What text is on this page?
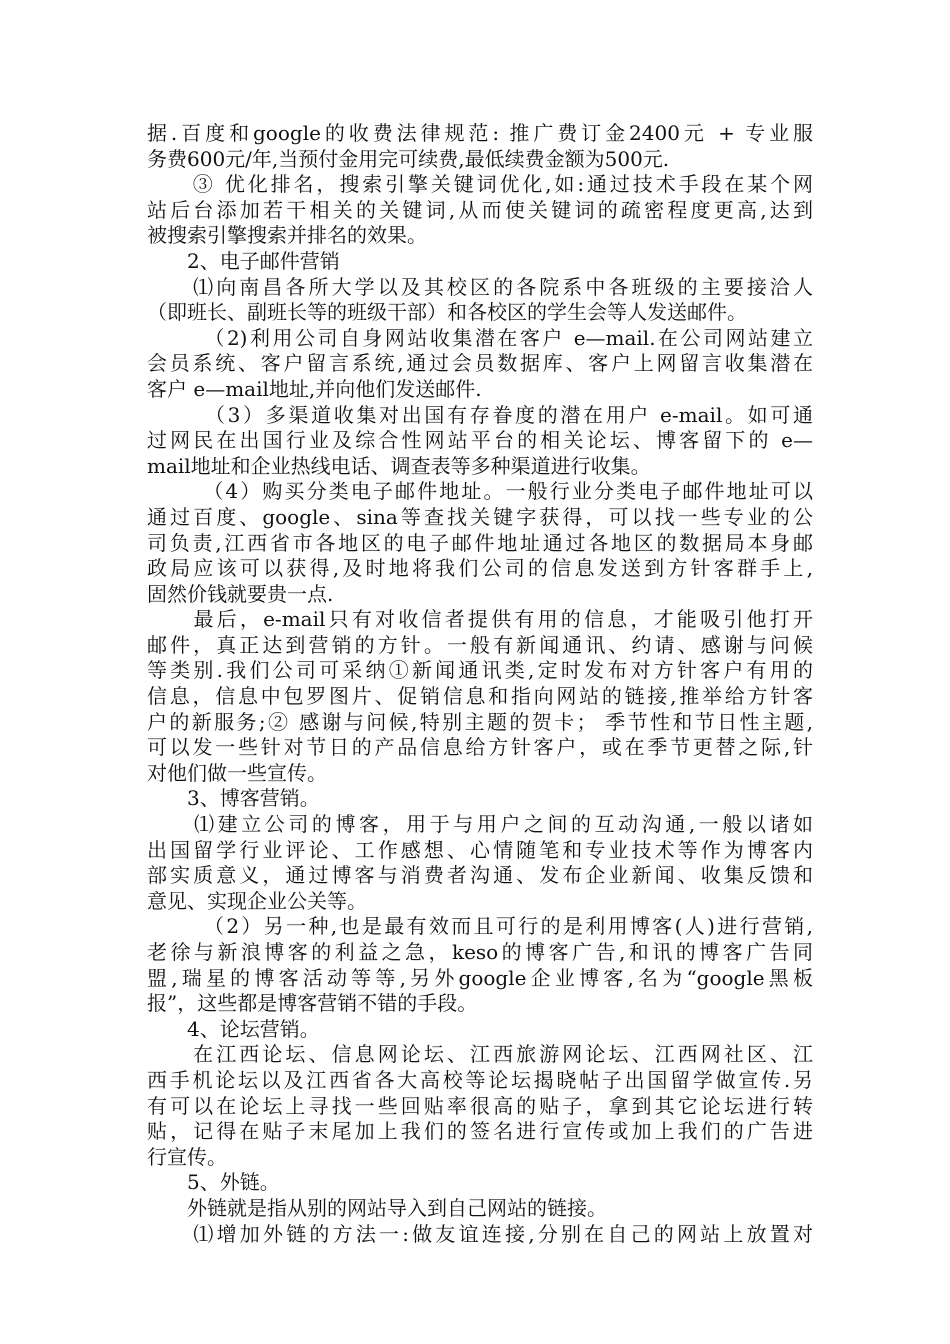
据.百度和google的收费法律规范: 推广费订金2400元 + 专业服
务费600元/年,当预付金用完可续费,最低续费金额为500元.
　　③ 优化排名，搜索引擎关键词优化,如:通过技术手段在某个网
站后台添加若干相关的关键词,从而使关键词的疏密程度更高,达到
被搜索引擎搜索并排名的效果。
　　2、电子邮件营销
　　⑴向南昌各所大学以及其校区的各院系中各班级的主要接洽人
（即班长、副班长等的班级干部）和各校区的学生会等人发送邮件。
　　　（2)利用公司自身网站收集潜在客户 e—mail.在公司网站建立
会员系统、客户留言系统,通过会员数据库、客户上网留言收集潜在
客户 e—mail地址,并向他们发送邮件.
　　　（3）多渠道收集对出国有存眷度的潜在用户 e-mail。如可通
过网民在出国行业及综合性网站平台的相关论坛、博客留下的 e—
mail地址和企业热线电话、调查表等多种渠道进行收集。
　　　（4）购买分类电子邮件地址。一般行业分类电子邮件地址可以
通过百度、google、sina等查找关键字获得，可以找一些专业的公
司负责,江西省市各地区的电子邮件地址通过各地区的数据局本身邮
政局应该可以获得,及时地将我们公司的信息发送到方针客群手上,
固然价钱就要贵一点.
　　最后，e-mail只有对收信者提供有用的信息，才能吸引他打开
邮件，真正达到营销的方针。一般有新闻通讯、约请、感谢与问候
等类别.我们公司可采纳①新闻通讯类,定时发布对方针客户有用的
信息，信息中包罗图片、促销信息和指向网站的链接,推举给方针客
户的新服务;② 感谢与问候,特别主题的贺卡； 季节性和节日性主题,
可以发一些针对节日的产品信息给方针客户，或在季节更替之际,针
对他们做一些宣传。
　　3、博客营销。
　　⑴建立公司的博客，用于与用户之间的互动沟通,一般以诸如
出国留学行业评论、工作感想、心情随笔和专业技术等作为博客内
部实质意义，通过博客与消费者沟通、发布企业新闻、收集反馈和
意见、实现企业公关等。
　　　（2）另一种,也是最有效而且可行的是利用博客(人)进行营销,
老徐与新浪博客的利益之急，keso的博客广告,和讯的博客广告同
盟,瑞星的博客活动等等,另外google企业博客,名为“google黑板
报”，这些都是博客营销不错的手段。
　　4、论坛营销。
　　在江西论坛、信息网论坛、江西旅游网论坛、江西网社区、江
西手机论坛以及江西省各大高校等论坛揭晓帖子出国留学做宣传.另
有可以在论坛上寻找一些回贴率很高的贴子，拿到其它论坛进行转
贴，记得在贴子末尾加上我们的签名进行宣传或加上我们的广告进
行宣传。
　　5、外链。
　　外链就是指从别的网站导入到自己网站的链接。
　　⑴增加外链的方法一:做友谊连接,分别在自己的网站上放置对
